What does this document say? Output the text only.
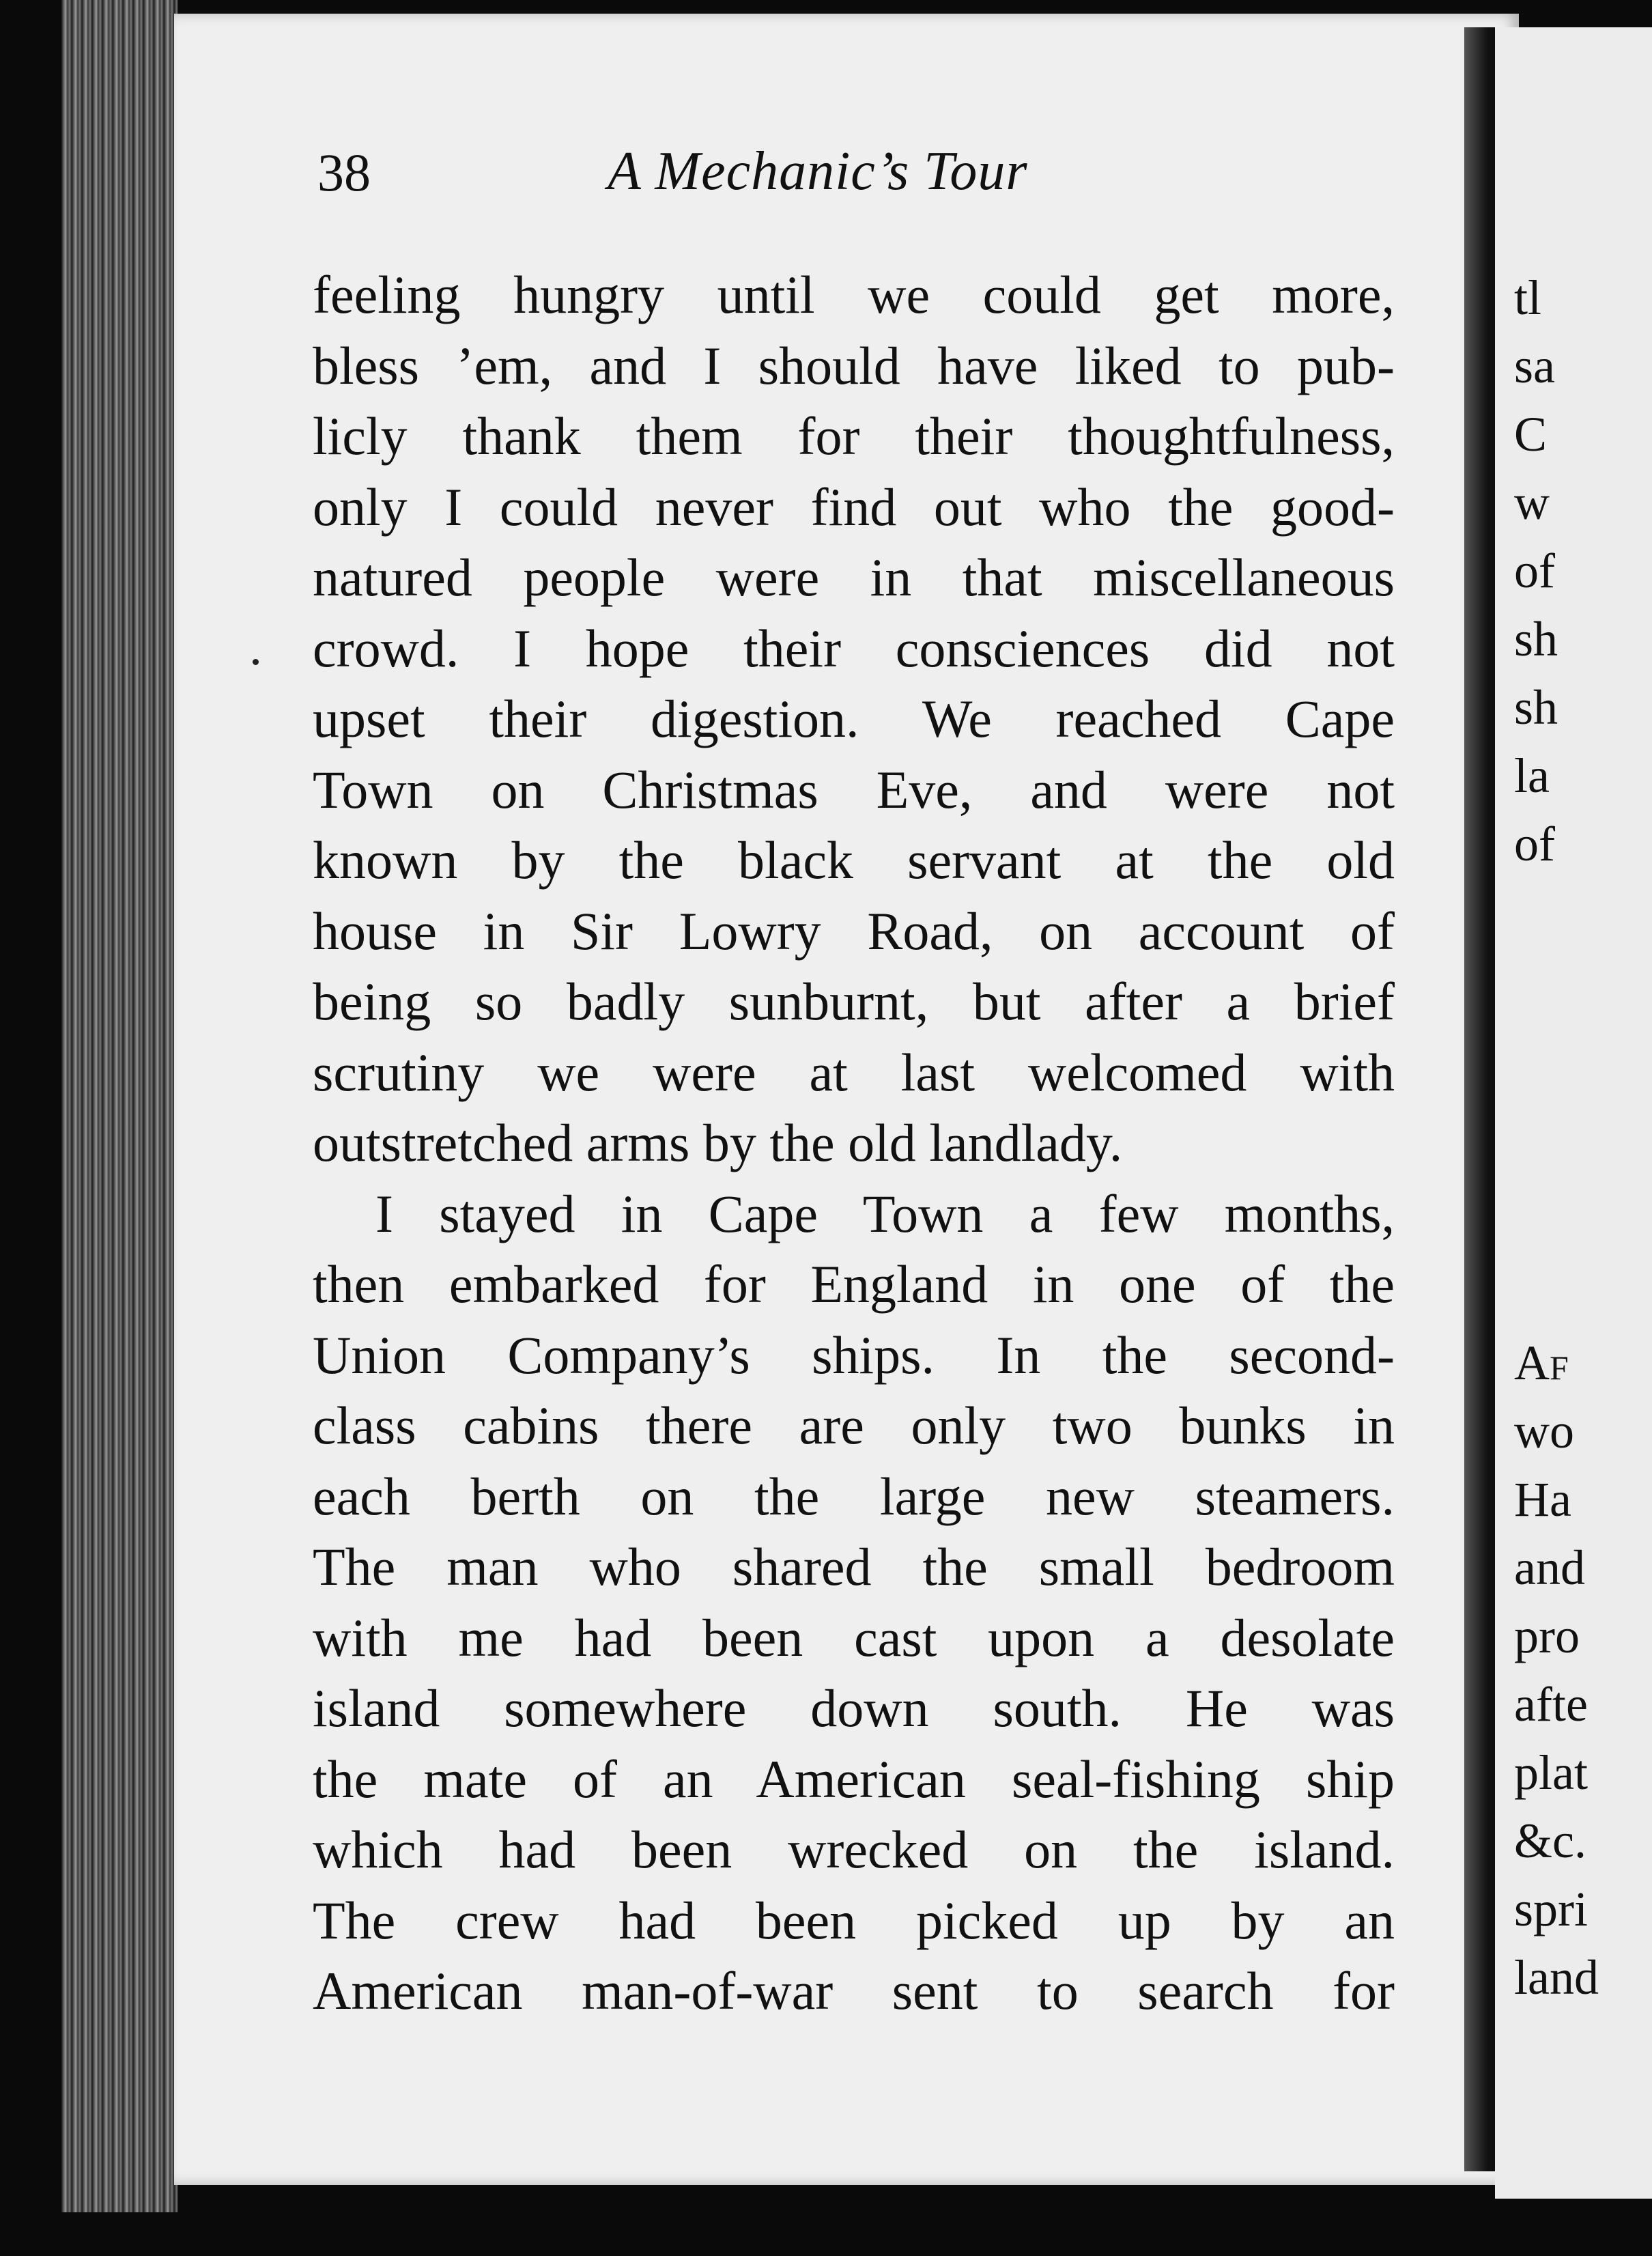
38	A Mechanic’s Tour
feeling hungry until we could get more,
bless ’em, and I should have liked to pub-
licly thank them for their thoughtfulness,
only I could never find out who the good-
natured people were in that miscellaneous
crowd. I hope their consciences did not
upset their digestion. We reached Cape
Town on Christmas Eve, and were not
known by the black servant at the old
house in Sir Lowry Road, on account of
being so badly sunburnt, but after a brief
scrutiny we were at last welcomed with
outstretched arms by the old landlady.
I stayed in Cape Town a few months,
then embarked for England in one of the
Union Company’s ships. In the second-
class cabins there are only two bunks in
each berth on the large new steamers.
The man who shared the small bedroom
with me had been cast upon a desolate
island somewhere down south. He was
the mate of an American seal-fishing ship
which had been wrecked on the island.
The crew had been picked up by an
American man-of-war sent to search for
tl
sa
C
w
of
sh
sh
la
of
Af
wo
Ha
and
pro
afte
plat
&c.
spri
land
